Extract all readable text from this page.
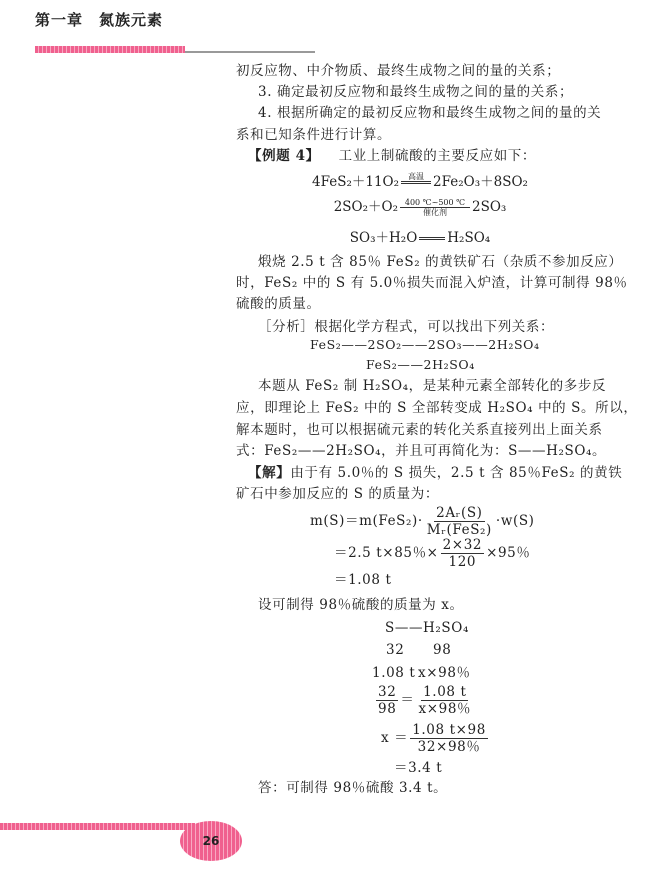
第一章　氮族元素
初反应物、中介物质、最终生成物之间的量的关系；
3. 确定最初反应物和最终生成物之间的量的关系；
4. 根据所确定的最初反应物和最终生成物之间的量的关
系和已知条件进行计算。
【例题 4】 工业上制硫酸的主要反应如下：
4FeS₂＋11O₂ 高温
2Fe₂O₃＋8SO₂
2SO₂＋O₂ 400 ℃~500 ℃
催化剂 2SO₃
SO₃＋H₂O H₂SO₄
煅烧 2.5 t 含 85％ FeS₂ 的黄铁矿石（杂质不参加反应）
时，FeS₂ 中的 S 有 5.0％损失而混入炉渣，计算可制得 98％
硫酸的质量。
［分析］根据化学方程式，可以找出下列关系：
FeS₂——2SO₂——2SO₃——2H₂SO₄
FeS₂——2H₂SO₄
本题从 FeS₂ 制 H₂SO₄，是某种元素全部转化的多步反
应，即理论上 FeS₂ 中的 S 全部转变成 H₂SO₄ 中的 S。所以，
解本题时，也可以根据硫元素的转化关系直接列出上面关系
式：FeS₂——2H₂SO₄，并且可再简化为：S——H₂SO₄。
【解】由于有 5.0％的 S 损失，2.5 t 含 85％FeS₂ 的黄铁
矿石中参加反应的 S 的质量为：
$m(S)=m(FeS_2)\cdot \frac{\text{2Aᵣ(S)}}{\text{Mᵣ(FeS₂)}} \cdot w(S)$
＝2.5 t×85％× $\frac{2\times 32}{120} \times 95$％
＝1.08 t
设可制得 98％硫酸的质量为 x。
S——H₂SO₄
32 98
1.08 t x×98％
$\frac{32}{98} = \frac{1.08 t}{x\times 98\%}$
$x = \frac{1.08 t\times 98}{32\times 98\%}$
＝3.4 t
答：可制得 98％硫酸 3.4 t。
26
